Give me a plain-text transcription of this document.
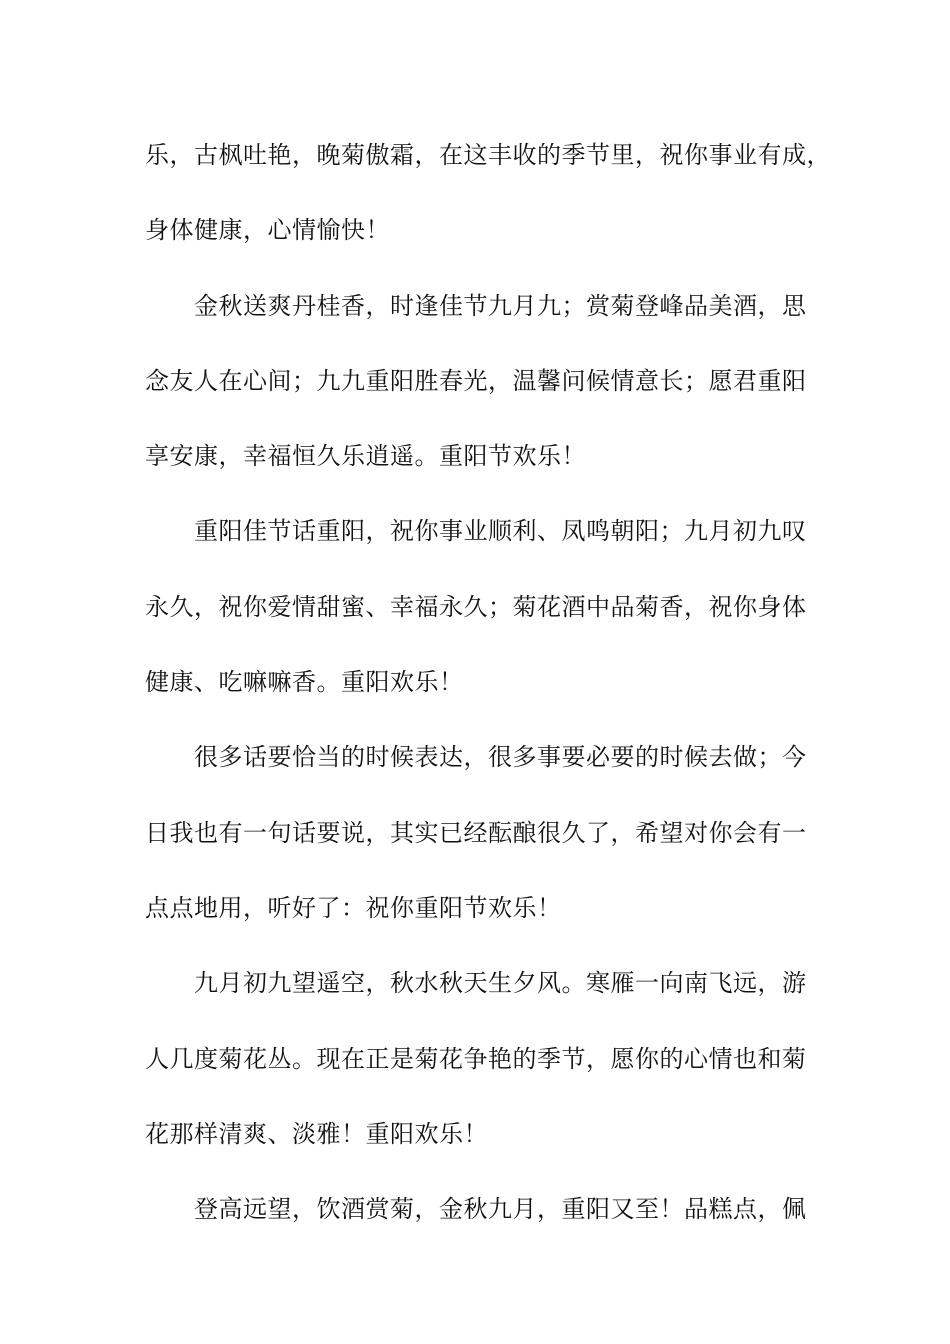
乐，古枫吐艳，晚菊傲霜，在这丰收的季节里，祝你事业有成，
身体健康，心情愉快！
金秋送爽丹桂香，时逢佳节九月九；赏菊登峰品美酒，思
念友人在心间；九九重阳胜春光，温馨问候情意长；愿君重阳
享安康，幸福恒久乐逍遥。重阳节欢乐！
重阳佳节话重阳，祝你事业顺利、凤鸣朝阳；九月初九叹
永久，祝你爱情甜蜜、幸福永久；菊花酒中品菊香，祝你身体
健康、吃嘛嘛香。重阳欢乐！
很多话要恰当的时候表达，很多事要必要的时候去做；今
日我也有一句话要说，其实已经酝酿很久了，希望对你会有一
点点地用，听好了：祝你重阳节欢乐！
九月初九望遥空，秋水秋天生夕风。寒雁一向南飞远，游
人几度菊花丛。现在正是菊花争艳的季节，愿你的心情也和菊
花那样清爽、淡雅！重阳欢乐！
登高远望，饮酒赏菊，金秋九月，重阳又至！品糕点，佩
